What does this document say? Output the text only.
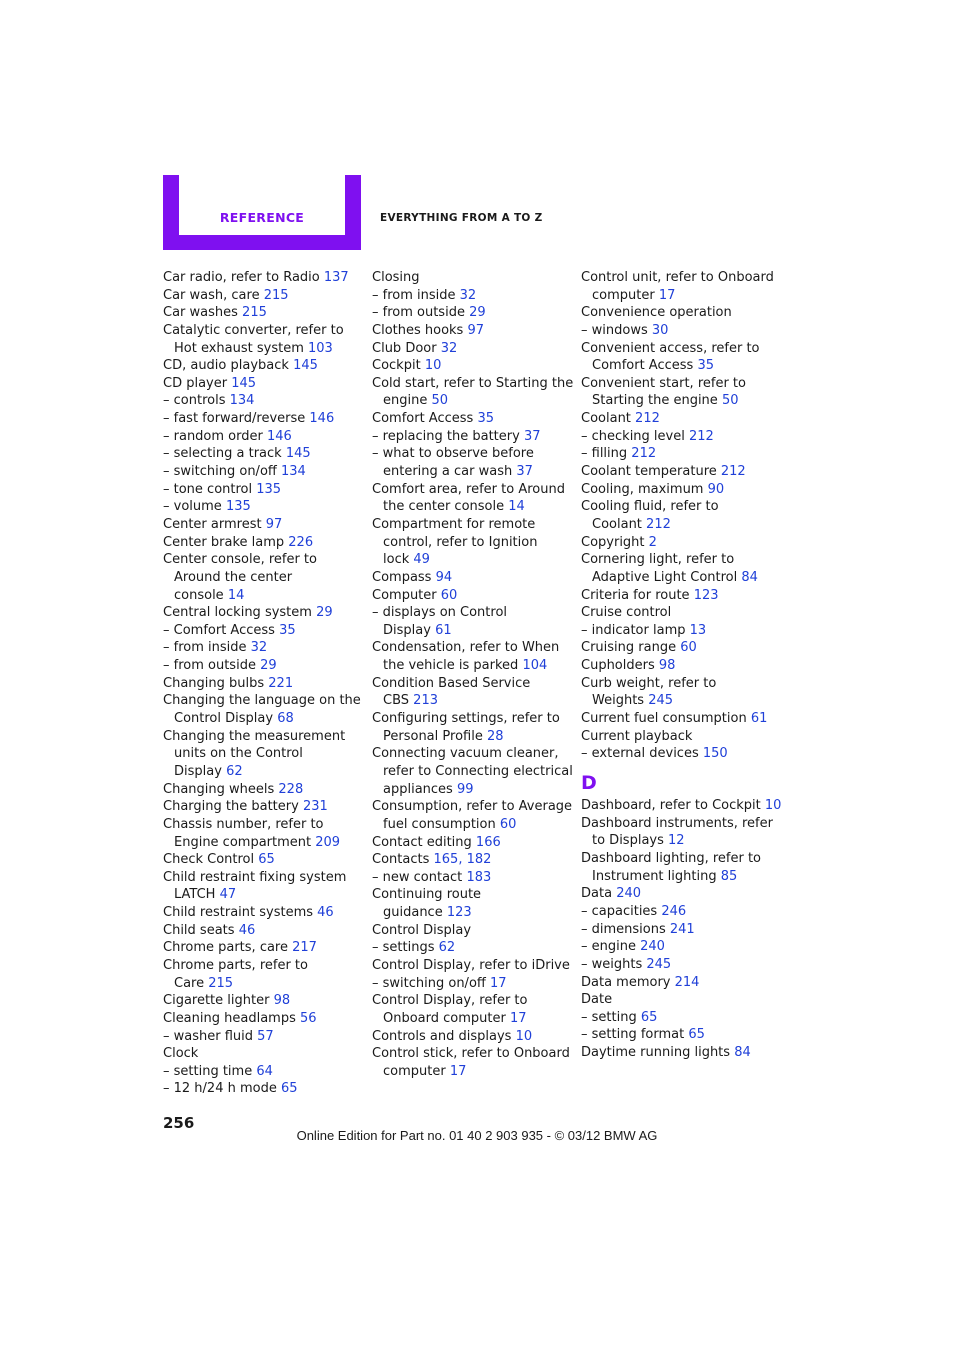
REFERENCE	EVERYTHING FROM A TO Z
Car radio, refer to Radio 137
Car wash, care 215
Car washes 215
Catalytic converter, refer to
Hot exhaust system 103
CD, audio playback 145
CD player 145
– controls 134
– fast forward/reverse 146
– random order 146
– selecting a track 145
– switching on/off 134
– tone control 135
– volume 135
Center armrest 97
Center brake lamp 226
Center console, refer to
Around the center
console 14
Central locking system 29
– Comfort Access 35
– from inside 32
– from outside 29
Changing bulbs 221
Changing the language on the
Control Display 68
Changing the measurement
units on the Control
Display 62
Changing wheels 228
Charging the battery 231
Chassis number, refer to
Engine compartment 209
Check Control 65
Child restraint fixing system
LATCH 47
Child restraint systems 46
Child seats 46
Chrome parts, care 217
Chrome parts, refer to
Care 215
Cigarette lighter 98
Cleaning headlamps 56
– washer fluid 57
Clock
– setting time 64
– 12 h/24 h mode 65
Closing
– from inside 32
– from outside 29
Clothes hooks 97
Club Door 32
Cockpit 10
Cold start, refer to Starting the
engine 50
Comfort Access 35
– replacing the battery 37
– what to observe before
entering a car wash 37
Comfort area, refer to Around
the center console 14
Compartment for remote
control, refer to Ignition
lock 49
Compass 94
Computer 60
– displays on Control
Display 61
Condensation, refer to When
the vehicle is parked 104
Condition Based Service
CBS 213
Configuring settings, refer to
Personal Profile 28
Connecting vacuum cleaner,
refer to Connecting electrical
appliances 99
Consumption, refer to Average
fuel consumption 60
Contact editing 166
Contacts 165, 182
– new contact 183
Continuing route
guidance 123
Control Display
– settings 62
Control Display, refer to iDrive
– switching on/off 17
Control Display, refer to
Onboard computer 17
Controls and displays 10
Control stick, refer to Onboard
computer 17
Control unit, refer to Onboard
computer 17
Convenience operation
– windows 30
Convenient access, refer to
Comfort Access 35
Convenient start, refer to
Starting the engine 50
Coolant 212
– checking level 212
– filling 212
Coolant temperature 212
Cooling, maximum 90
Cooling fluid, refer to
Coolant 212
Copyright 2
Cornering light, refer to
Adaptive Light Control 84
Criteria for route 123
Cruise control
– indicator lamp 13
Cruising range 60
Cupholders 98
Curb weight, refer to
Weights 245
Current fuel consumption 61
Current playback
– external devices 150
D
Dashboard, refer to Cockpit 10
Dashboard instruments, refer
to Displays 12
Dashboard lighting, refer to
Instrument lighting 85
Data 240
– capacities 246
– dimensions 241
– engine 240
– weights 245
Data memory 214
Date
– setting 65
– setting format 65
Daytime running lights 84
256
Online Edition for Part no. 01 40 2 903 935 - © 03/12 BMW AG
